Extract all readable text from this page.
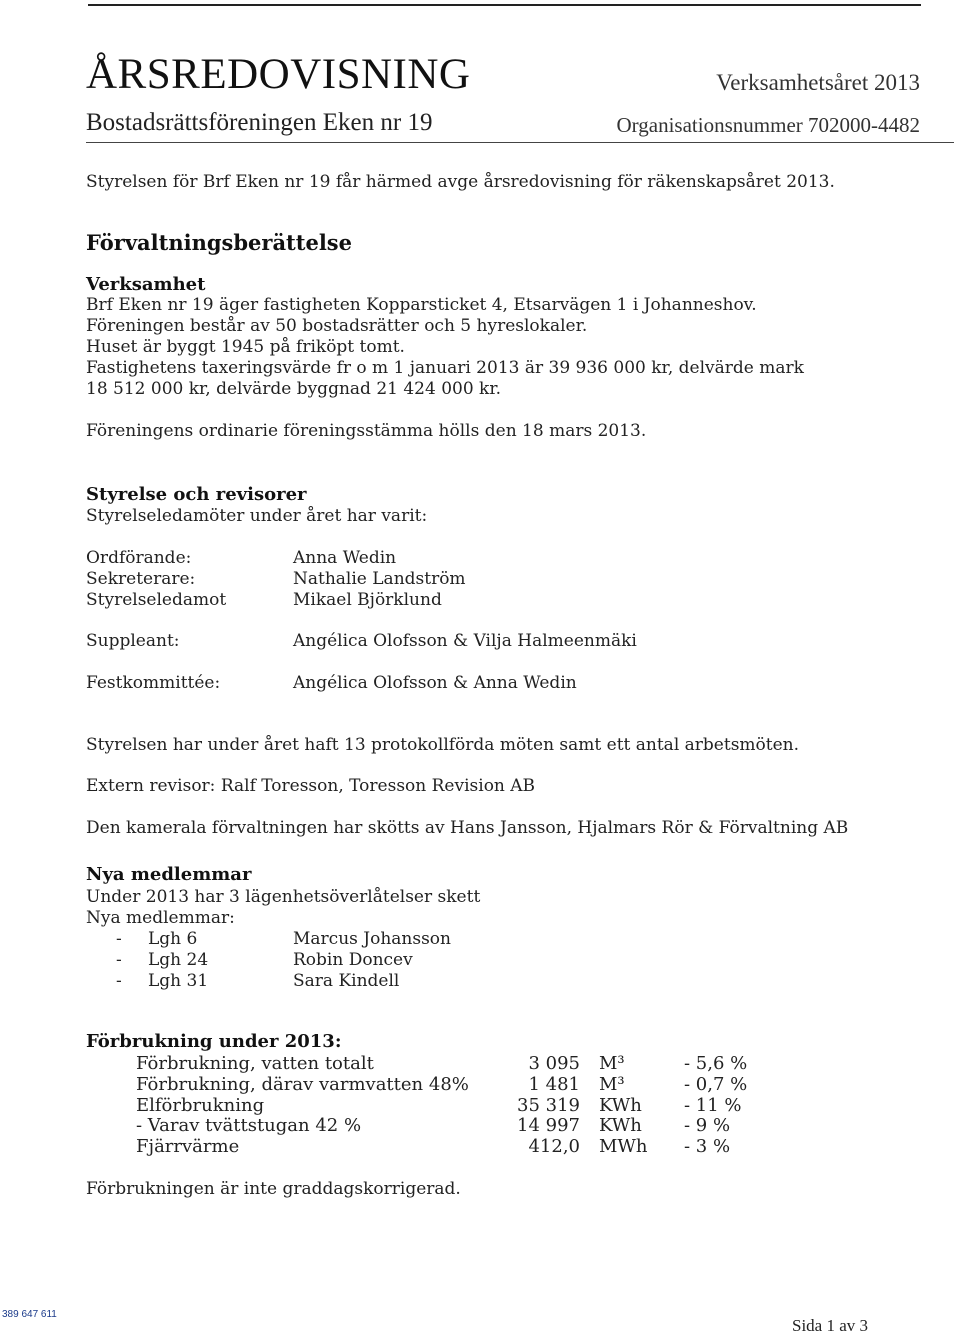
ÅRSREDOVISNING	Verksamhetsåret 2013
Bostadsrättsföreningen Eken nr 19	Organisationsnummer 702000-4482
Styrelsen för Brf Eken nr 19 får härmed avge årsredovisning för räkenskapsåret 2013.
Förvaltningsberättelse
Verksamhet
Brf Eken nr 19 äger fastigheten Kopparsticket 4, Etsarvägen 1 i Johanneshov.
Föreningen består av 50 bostadsrätter och 5 hyreslokaler.
Huset är byggt 1945 på friköpt tomt.
Fastighetens taxeringsvärde fr o m 1 januari 2013 är 39 936 000 kr, delvärde mark
18 512 000 kr, delvärde byggnad 21 424 000 kr.
Föreningens ordinarie föreningsstämma hölls den 18 mars 2013.
Styrelse och revisorer
Styrelseledamöter under året har varit:
Ordförande:	Anna Wedin
Sekreterare:	Nathalie Landström
Styrelseledamot	Mikael Björklund
Suppleant:	Angélica Olofsson & Vilja Halmeenmäki
Festkommittée:	Angélica Olofsson & Anna Wedin
Styrelsen har under året haft 13 protokollförda möten samt ett antal arbetsmöten.
Extern revisor: Ralf Toresson, Toresson Revision AB
Den kamerala förvaltningen har skötts av Hans Jansson, Hjalmars Rör & Förvaltning AB
Nya medlemmar
Under 2013 har 3 lägenhetsöverlåtelser skett
Nya medlemmar:
- Lgh 6	Marcus Johansson
- Lgh 24	Robin Doncev
- Lgh 31	Sara Kindell
Förbrukning under 2013:
Förbrukning, vatten totalt	3 095 M³	- 5,6 %
Förbrukning, därav varmvatten 48%	1 481 M³	- 0,7 %
Elförbrukning	35 319 KWh - 11 %
- Varav tvättstugan 42 %	14 997 KWh - 9 %
Fjärrvärme	412,0 MWh - 3 %
Förbrukningen är inte graddagskorrigerad.
389 647 611
Sida 1 av 3
